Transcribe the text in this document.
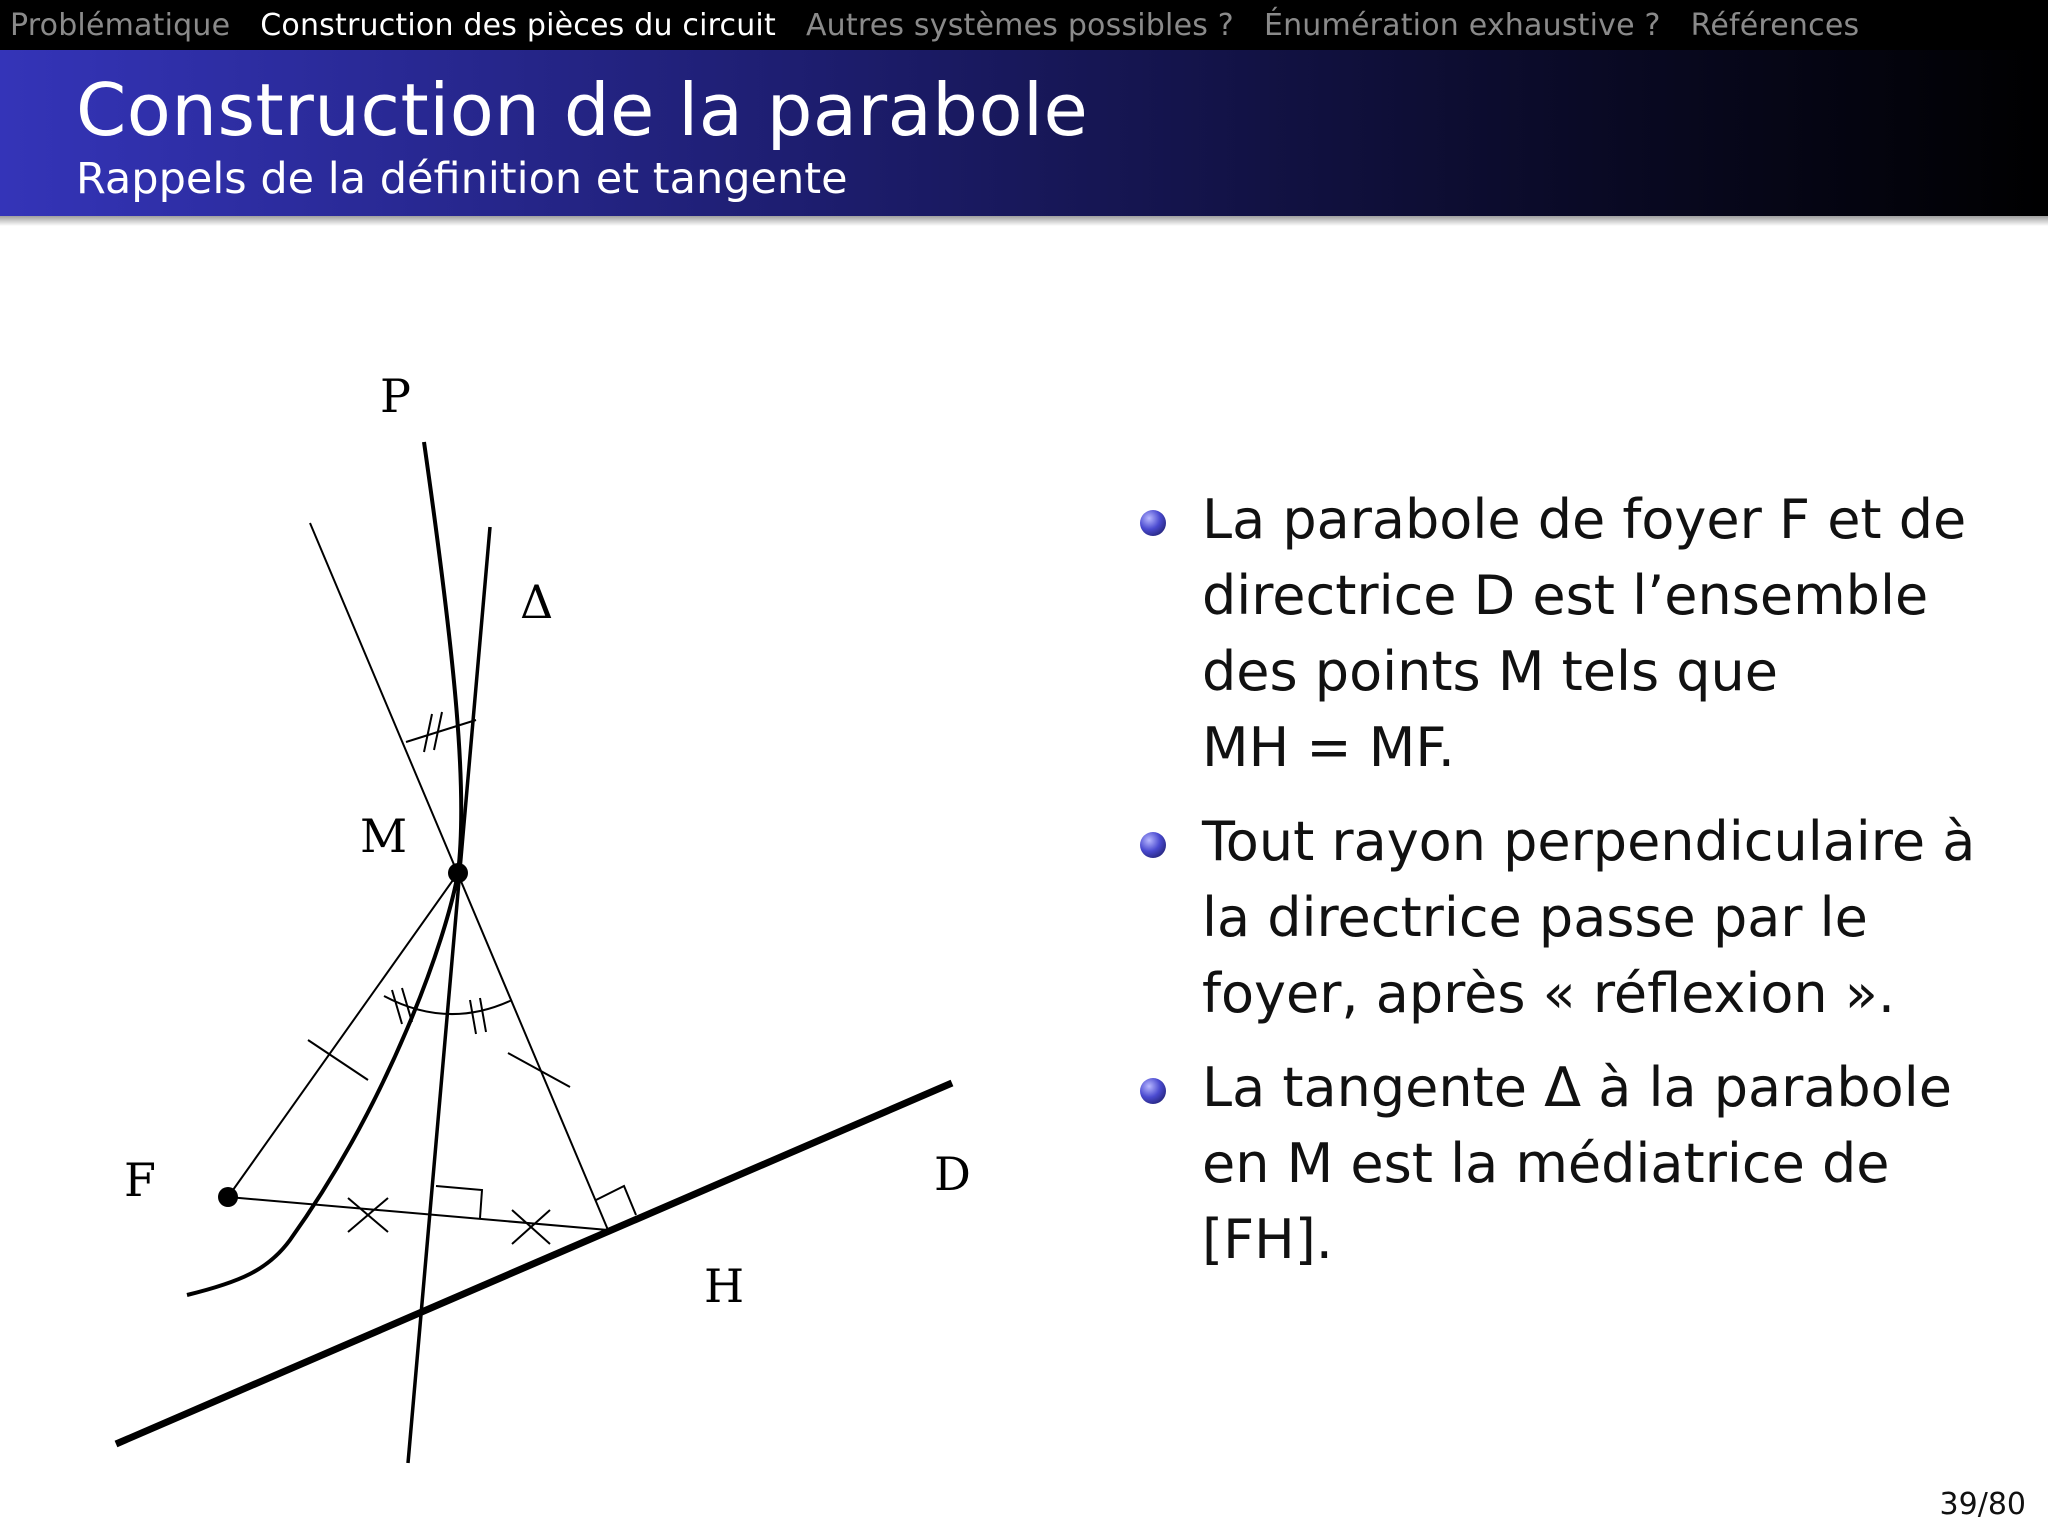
Problématique Construction des pièces du circuit Autres systèmes possibles ? Énumération exhaustive ? Références
Construction de la parabole
Rappels de la définition et tangente
P
Δ
M
F	D
H
La parabole de foyer F et de
directrice D est l’ensemble
des points M tels que
MH = MF.
Tout rayon perpendiculaire à
la directrice passe par le
foyer, après « réflexion ».
La tangente Δ à la parabole
en M est la médiatrice de
[FH].
39/80
